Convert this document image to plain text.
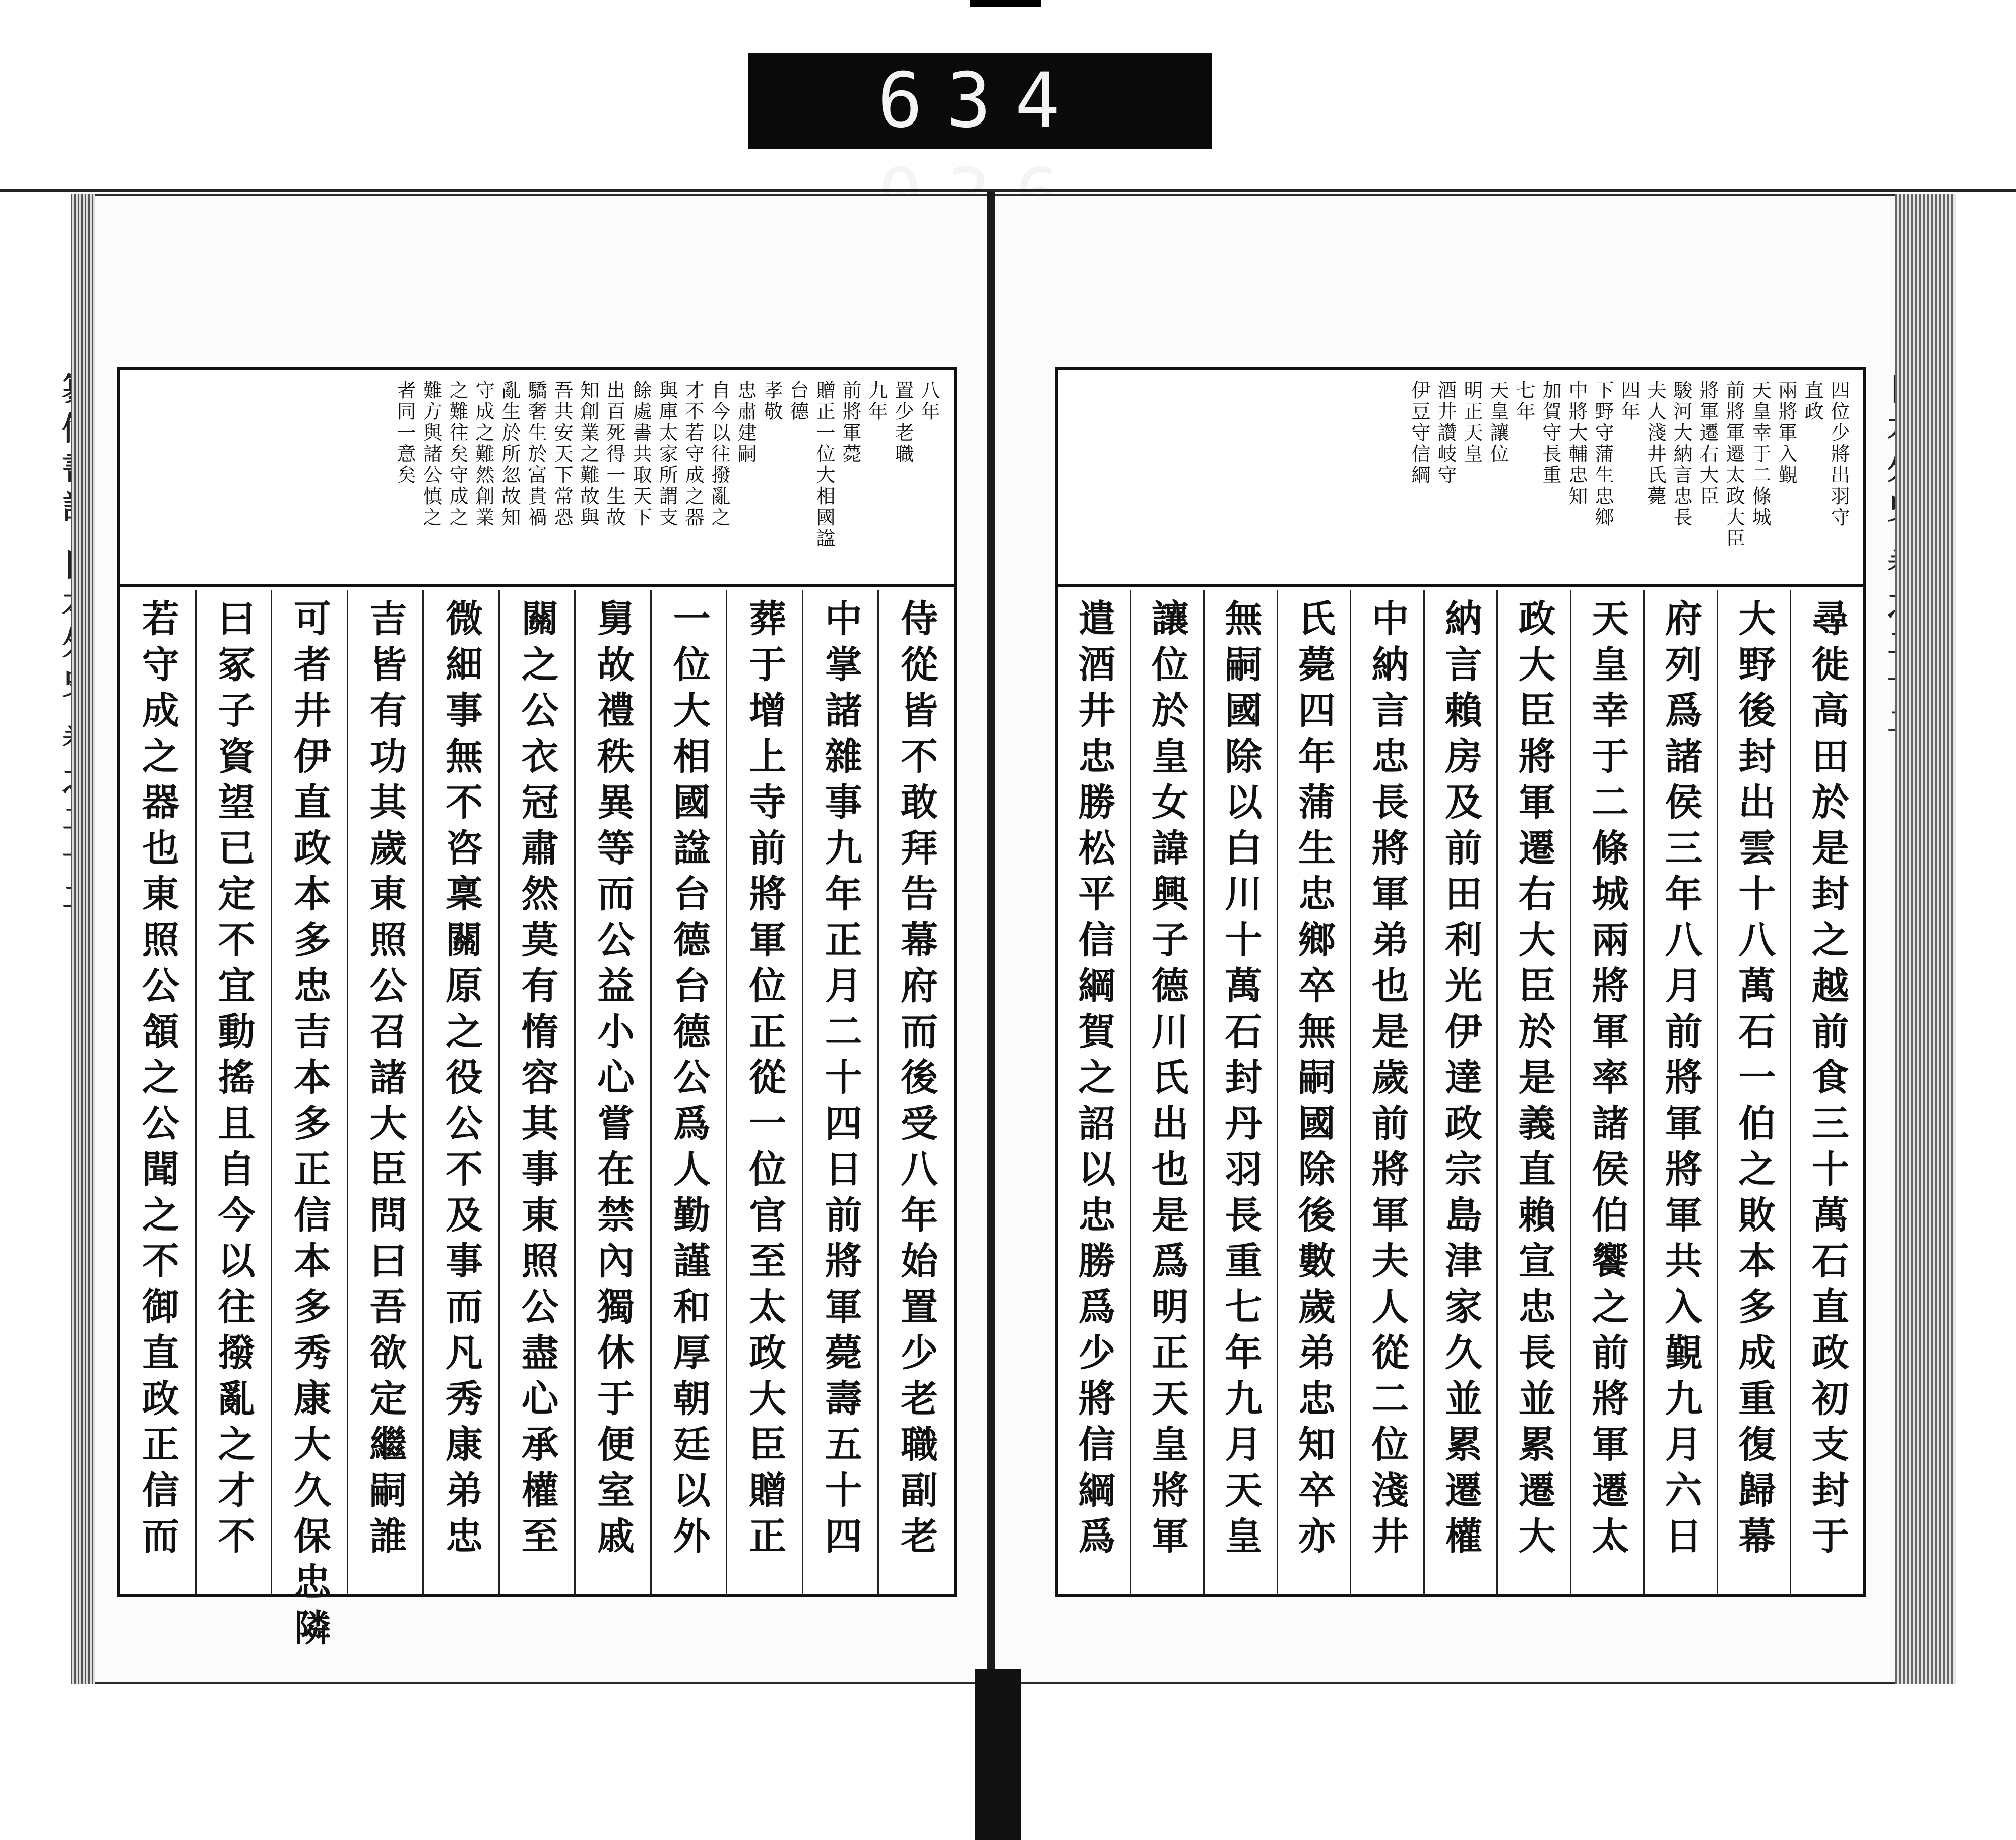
634
八年
置少老職
九年
前將軍薨
贈正一位大相國諡
台德
孝敬
忠肅建嗣
自今以往撥亂之
才不若守成之器
與庫太家所謂支
餘處書共取天下
出百死得一生故
知創業之難故與
吾共安天下常恐
驕奢生於富貴禍
亂生於所忽故知
守成之難然創業
之難往矣守成之
難方與諸公慎之
者同一意矣
侍從皆不敢拜告幕府而後受八年始置少老職副老
中掌諸雜事九年正月二十四日前將軍薨壽五十四
葬于增上寺前將軍位正從一位官至太政大臣贈正
一位大相國諡台德台德公爲人勤謹和厚朝廷以外
舅故禮秩異等而公益小心嘗在禁內獨休于便室戚
關之公衣冠肅然莫有惰容其事東照公盡心承權至
微細事無不咨稟關原之役公不及事而凡秀康弟忠
吉皆有功其歲東照公召諸大臣問曰吾欲定繼嗣誰
可者井伊直政本多忠吉本多正信本多秀康大久保忠隣
曰冢子資望已定不宜動搖且自今以往撥亂之才不
若守成之器也東照公頷之公聞之不御直政正信而
四位少將出羽守
直政
兩將軍入覲
天皇幸于二條城
前將軍遷太政大臣
將軍遷右大臣
駿河大納言忠長
夫人淺井氏薨
四年
下野守蒲生忠鄉
中將大輔忠知
加賀守長重
七年
天皇讓位
明正天皇
酒井讚岐守
伊豆守信綱
尋徙高田於是封之越前食三十萬石直政初支封于
大野後封出雲十八萬石一伯之敗本多成重復歸幕
府列爲諸侯三年八月前將軍將軍共入覲九月六日
天皇幸于二條城兩將軍率諸侯伯饗之前將軍遷太
政大臣將軍遷右大臣於是義直賴宣忠長並累遷大
納言賴房及前田利光伊達政宗島津家久並累遷權
中納言忠長將軍弟也是歲前將軍夫人從二位淺井
氏薨四年蒲生忠鄉卒無嗣國除後數歲弟忠知卒亦
無嗣國除以白川十萬石封丹羽長重七年九月天皇
讓位於皇女諱興子德川氏出也是爲明正天皇將軍
遣酒井忠勝松平信綱賀之詔以忠勝爲少將信綱爲
